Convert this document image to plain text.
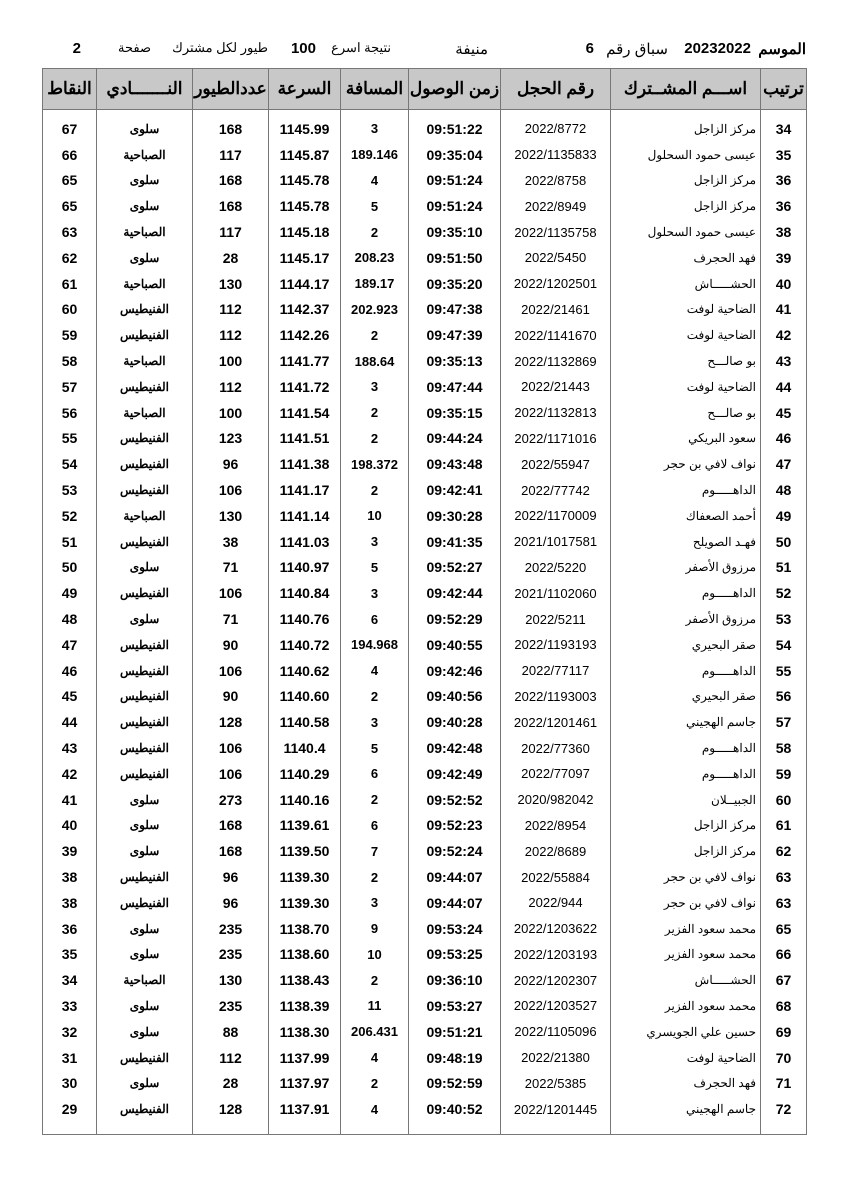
الموسم
20232022
سباق رقم
6
منيفة
نتيجة اسرع
100
طيور لكل مشترك
صفحة
2
ترتيب	اســـم المشــترك	رقم الحجل	زمن الوصول	المسافة	السرعة	عددالطيور	النـــــــادي	النقاط
34	مركز الزاجل	2022/8772	09:51:22	3	1145.99	168	سلوى	67
35	عيسى حمود السحلول	2022/1135833	09:35:04	189.146	1145.87	117	الصباحية	66
36	مركز الزاجل	2022/8758	09:51:24	4	1145.78	168	سلوى	65
36	مركز الزاجل	2022/8949	09:51:24	5	1145.78	168	سلوى	65
38	عيسى حمود السحلول	2022/1135758	09:35:10	2	1145.18	117	الصباحية	63
39	فهد الحجرف	2022/5450	09:51:50	208.23	1145.17	28	سلوى	62
40	الحشـــــاش	2022/1202501	09:35:20	189.17	1144.17	130	الصباحية	61
41	الضاحية لوفت	2022/21461	09:47:38	202.923	1142.37	112	الفنيطيس	60
42	الضاحية لوفت	2022/1141670	09:47:39	2	1142.26	112	الفنيطيس	59
43	بو صالـــح	2022/1132869	09:35:13	188.64	1141.77	100	الصباحية	58
44	الضاحية لوفت	2022/21443	09:47:44	3	1141.72	112	الفنيطيس	57
45	بو صالـــح	2022/1132813	09:35:15	2	1141.54	100	الصباحية	56
46	سعود البريكي	2022/1171016	09:44:24	2	1141.51	123	الفنيطيس	55
47	نواف لافي بن حجر	2022/55947	09:43:48	198.372	1141.38	96	الفنيطيس	54
48	الداهـــــوم	2022/77742	09:42:41	2	1141.17	106	الفنيطيس	53
49	أحمد الصعفاك	2022/1170009	09:30:28	10	1141.14	130	الصباحية	52
50	فهـد الصويلح	2021/1017581	09:41:35	3	1141.03	38	الفنيطيس	51
51	مرزوق الأصفر	2022/5220	09:52:27	5	1140.97	71	سلوى	50
52	الداهـــــوم	2021/1102060	09:42:44	3	1140.84	106	الفنيطيس	49
53	مرزوق الأصفر	2022/5211	09:52:29	6	1140.76	71	سلوى	48
54	صقر البحيري	2022/1193193	09:40:55	194.968	1140.72	90	الفنيطيس	47
55	الداهـــــوم	2022/77117	09:42:46	4	1140.62	106	الفنيطيس	46
56	صقر البحيري	2022/1193003	09:40:56	2	1140.60	90	الفنيطيس	45
57	جاسم الهجيني	2022/1201461	09:40:28	3	1140.58	128	الفنيطيس	44
58	الداهـــــوم	2022/77360	09:42:48	5	1140.4	106	الفنيطيس	43
59	الداهـــــوم	2022/77097	09:42:49	6	1140.29	106	الفنيطيس	42
60	الجبيــلان	2020/982042	09:52:52	2	1140.16	273	سلوى	41
61	مركز الزاجل	2022/8954	09:52:23	6	1139.61	168	سلوى	40
62	مركز الزاجل	2022/8689	09:52:24	7	1139.50	168	سلوى	39
63	نواف لافي بن حجر	2022/55884	09:44:07	2	1139.30	96	الفنيطيس	38
63	نواف لافي بن حجر	2022/944	09:44:07	3	1139.30	96	الفنيطيس	38
65	محمد سعود الفزير	2022/1203622	09:53:24	9	1138.70	235	سلوى	36
66	محمد سعود الفزير	2022/1203193	09:53:25	10	1138.60	235	سلوى	35
67	الحشـــــاش	2022/1202307	09:36:10	2	1138.43	130	الصباحية	34
68	محمد سعود الفزير	2022/1203527	09:53:27	11	1138.39	235	سلوى	33
69	حسين علي الجويسري	2022/1105096	09:51:21	206.431	1138.30	88	سلوى	32
70	الضاحية لوفت	2022/21380	09:48:19	4	1137.99	112	الفنيطيس	31
71	فهد الحجرف	2022/5385	09:52:59	2	1137.97	28	سلوى	30
72	جاسم الهجيني	2022/1201445	09:40:52	4	1137.91	128	الفنيطيس	29
